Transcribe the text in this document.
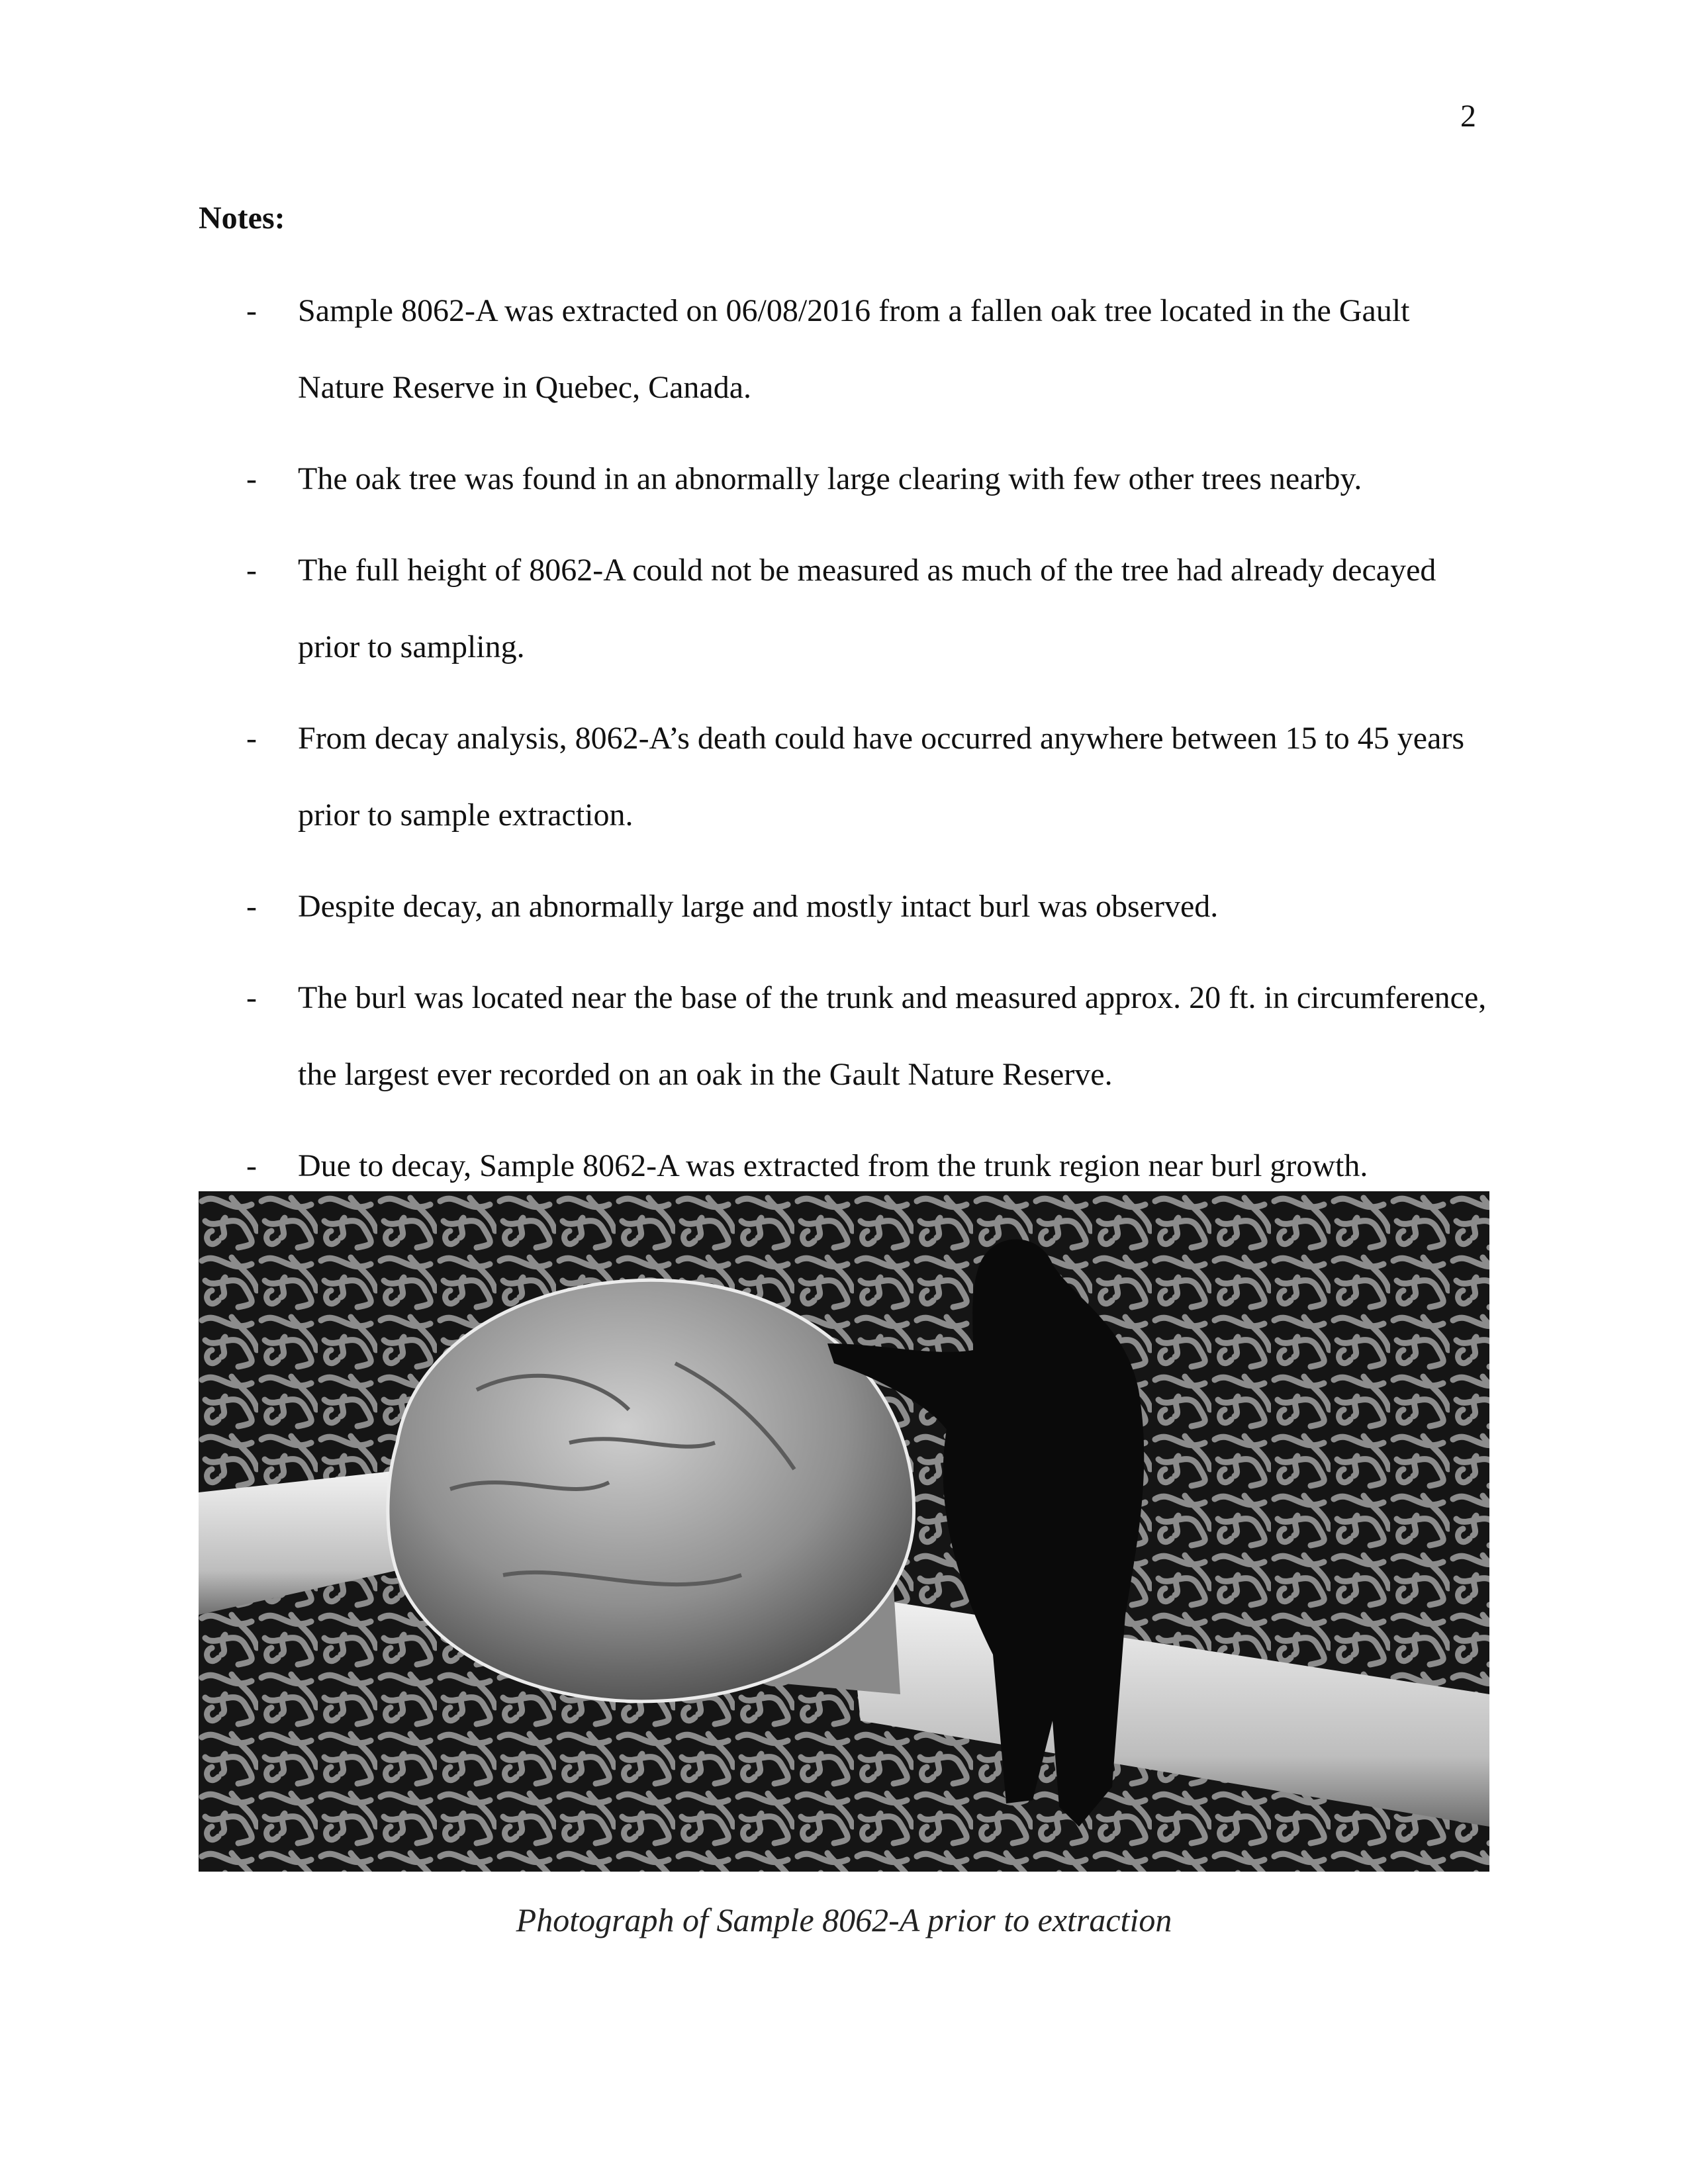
2
Notes:
- Sample 8062-A was extracted on 06/08/2016 from a fallen oak tree located in the Gault Nature Reserve in Quebec, Canada.
- The oak tree was found in an abnormally large clearing with few other trees nearby.
- The full height of 8062-A could not be measured as much of the tree had already decayed prior to sampling.
- From decay analysis, 8062-A’s death could have occurred anywhere between 15 to 45 years prior to sample extraction.
- Despite decay, an abnormally large and mostly intact burl was observed.
- The burl was located near the base of the trunk and measured approx. 20 ft. in circumference, the largest ever recorded on an oak in the Gault Nature Reserve.
- Due to decay, Sample 8062-A was extracted from the trunk region near burl growth.
Photograph of Sample 8062-A prior to extraction
